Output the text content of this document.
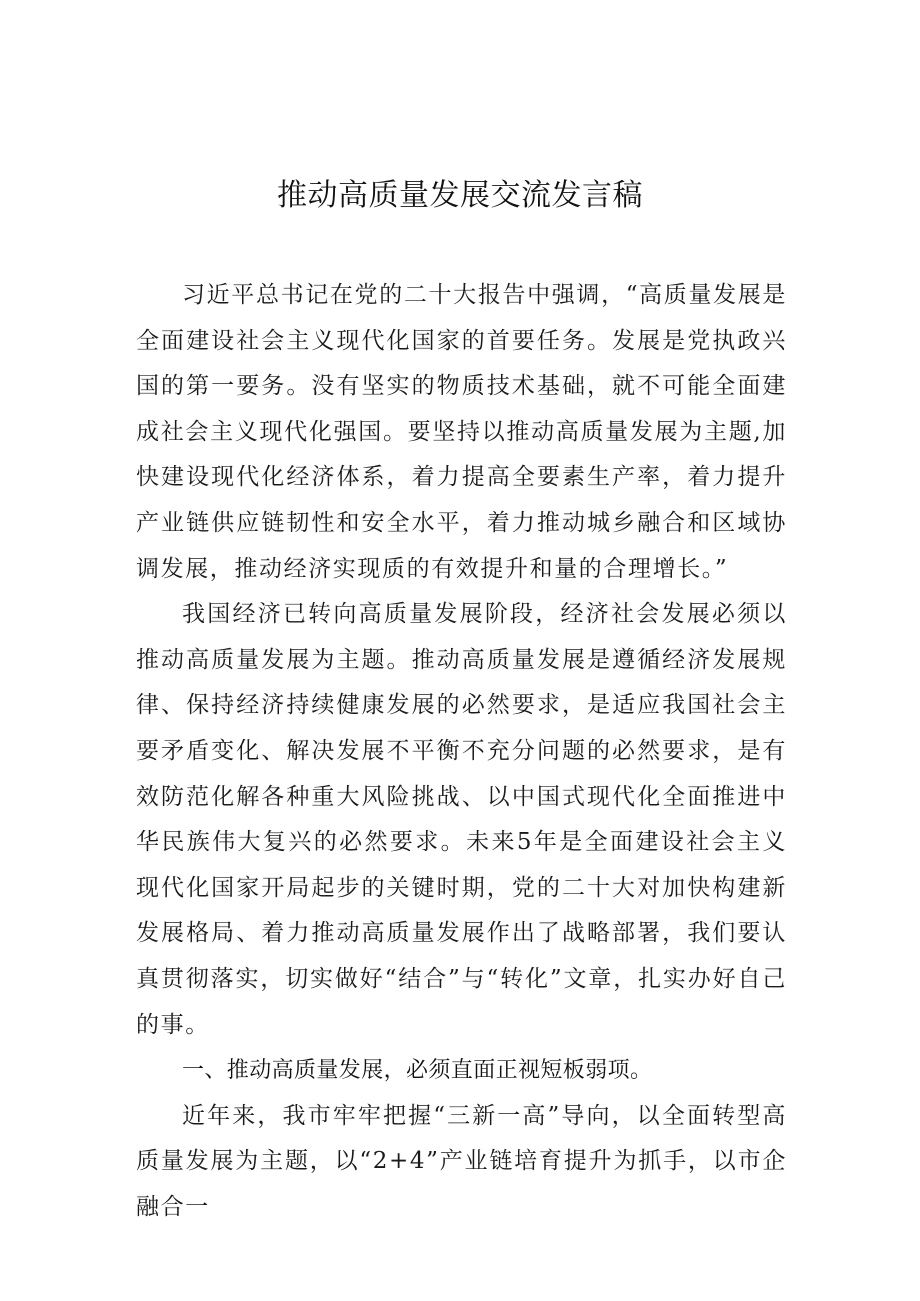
推动高质量发展交流发言稿

习近平总书记在党的二十大报告中强调，“高质量发展是全面建设社会主义现代化国家的首要任务。发展是党执政兴国的第一要务。没有坚实的物质技术基础，就不可能全面建成社会主义现代化强国。要坚持以推动高质量发展为主题,加快建设现代化经济体系，着力提高全要素生产率，着力提升产业链供应链韧性和安全水平，着力推动城乡融合和区域协调发展，推动经济实现质的有效提升和量的合理增长。”

我国经济已转向高质量发展阶段，经济社会发展必须以推动高质量发展为主题。推动高质量发展是遵循经济发展规律、保持经济持续健康发展的必然要求，是适应我国社会主要矛盾变化、解决发展不平衡不充分问题的必然要求，是有效防范化解各种重大风险挑战、以中国式现代化全面推进中华民族伟大复兴的必然要求。未来5年是全面建设社会主义现代化国家开局起步的关键时期，党的二十大对加快构建新发展格局、着力推动高质量发展作出了战略部署，我们要认真贯彻落实，切实做好“结合”与“转化”文章，扎实办好自己的事。

一、推动高质量发展，必须直面正视短板弱项。

近年来，我市牢牢把握“三新一高”导向，以全面转型高质量发展为主题，以“2+4”产业链培育提升为抓手，以市企融合一
